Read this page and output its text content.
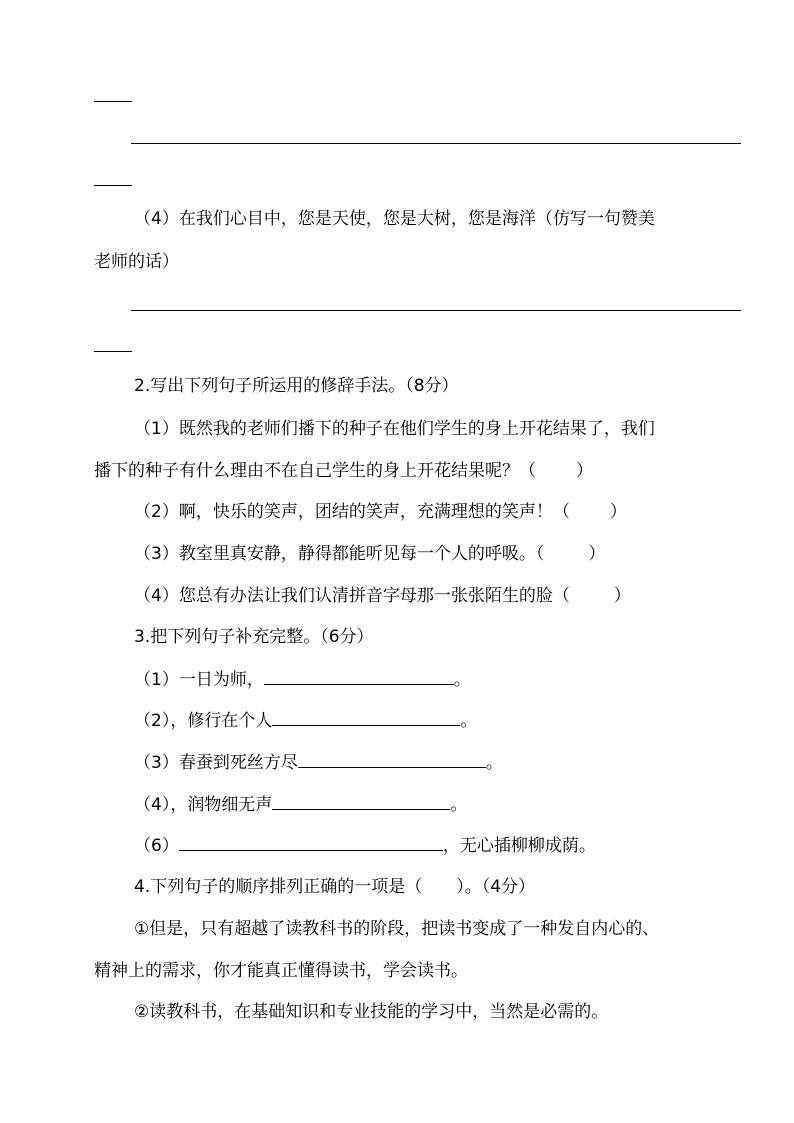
（4）在我们心目中，您是天使，您是大树，您是海洋（仿写一句赞美
老师的话）
2.写出下列句子所运用的修辞手法。（8分）
（1）既然我的老师们播下的种子在他们学生的身上开花结果了，我们
播下的种子有什么理由不在自己学生的身上开花结果呢？（ ）
（2）啊，快乐的笑声，团结的笑声，充满理想的笑声！（ ）
（3）教室里真安静，静得都能听见每一个人的呼吸。（	）
（4）您总有办法让我们认清拼音字母那一张张陌生的脸（	）
3.把下列句子补充完整。（6分）
（1）一日为师，	。
（2），修行在个人	。
（3）春蚕到死丝方尽	。
（4），润物细无声	。
（6）	，无心插柳柳成荫。
4.下列句子的顺序排列正确的一项是（　　）。（4分）
①但是，只有超越了读教科书的阶段，把读书变成了一种发自内心的、
精神上的需求，你才能真正懂得读书，学会读书。
②读教科书，在基础知识和专业技能的学习中，当然是必需的。
